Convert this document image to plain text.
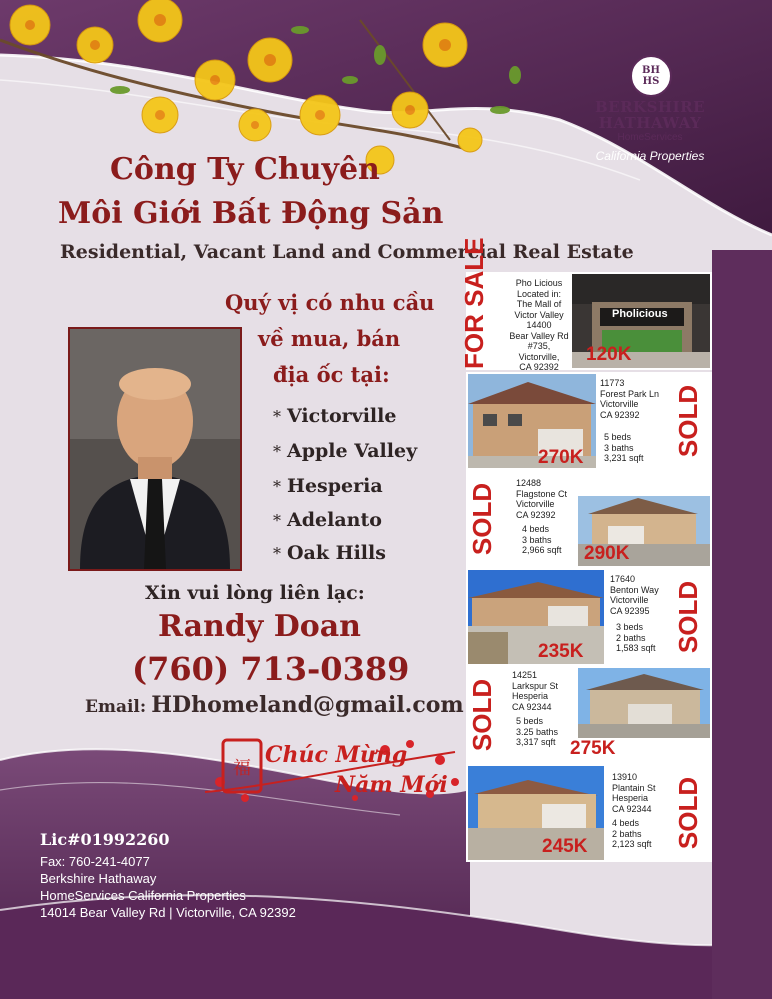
BH
HS
BERKSHIRE
HATHAWAY
HomeServices
California Properties
Công Ty Chuyên
Môi Giới Bất Động Sản
Residential, Vacant Land and Commercial Real Estate
Quý vị có nhu cầu
về mua, bán
địa ốc tại:
* Victorville
* Apple Valley
* Hesperia
* Adelanto
* Oak Hills
Xin vui lòng liên lạc:
Randy Doan
(760) 713-0389
Email: HDhomeland@gmail.com
福
Chúc Mừng
Năm Mới
FOR SALE	Pho Licious
Located in:
The Mall of
Victor Valley
14400
Bear Valley Rd
#735,
Victorville,
CA 92392
Pholicious
120K
270K
11773
Forest Park Ln
Victorville
CA 92392
5 beds
3 baths
3,231 sqft
SOLD
SOLD 12488
Flagstone Ct
Victorville
CA 92392
4 beds
3 baths
2,966 sqft	290K
235K
17640
Benton Way
Victorville
CA 92395
3 beds
2 baths
1,583 sqft SOLD
SOLD
14251
Larkspur St
Hesperia
CA 92344
5 beds
3.25 baths
3,317 sqft 275K
245K
13910
Plantain St
Hesperia
CA 92344
4 beds
2 baths
2,123 sqft SOLD
Lic#01992260
Fax: 760-241-4077
Berkshire Hathaway
HomeServices California Properties
14014 Bear Valley Rd | Victorville, CA 92392
